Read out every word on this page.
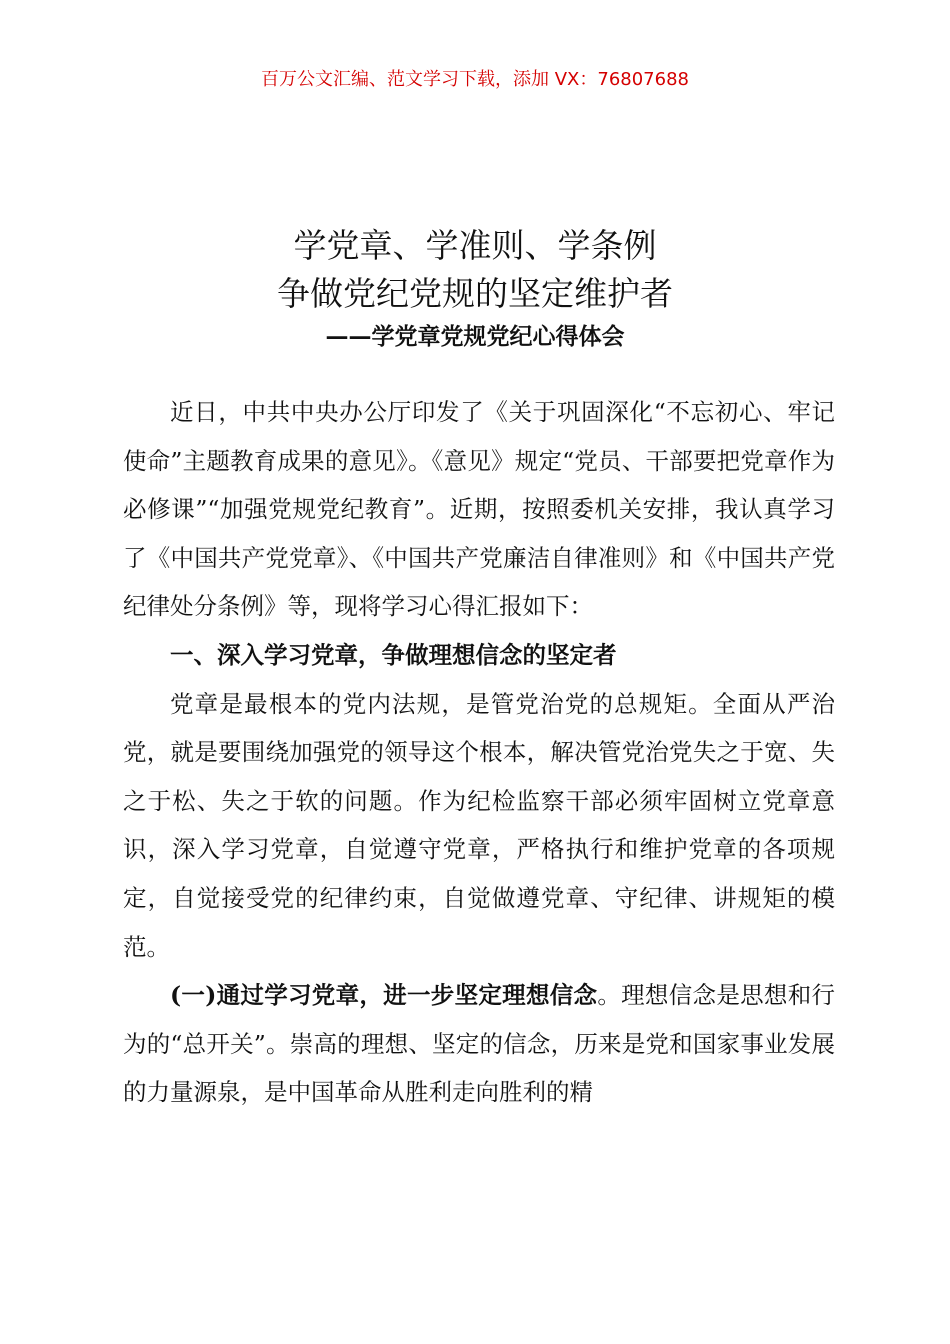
百万公文汇编、范文学习下载，添加 VX：76807688
学党章、学准则、学条例
争做党纪党规的坚定维护者
——学党章党规党纪心得体会

近日，中共中央办公厅印发了《关于巩固深化“不忘初心、牢记使命”主题教育成果的意见》。《意见》规定“党员、干部要把党章作为必修课”“加强党规党纪教育”。近期，按照委机关安排，我认真学习了《中国共产党党章》、《中国共产党廉洁自律准则》和《中国共产党纪律处分条例》等，现将学习心得汇报如下：

一、深入学习党章，争做理想信念的坚定者

党章是最根本的党内法规，是管党治党的总规矩。全面从严治党，就是要围绕加强党的领导这个根本，解决管党治党失之于宽、失之于松、失之于软的问题。作为纪检监察干部必须牢固树立党章意识，深入学习党章，自觉遵守党章，严格执行和维护党章的各项规定，自觉接受党的纪律约束，自觉做遵党章、守纪律、讲规矩的模范。

(一)通过学习党章，进一步坚定理想信念。理想信念是思想和行为的“总开关”。崇高的理想、坚定的信念，历来是党和国家事业发展的力量源泉，是中国革命从胜利走向胜利的精
